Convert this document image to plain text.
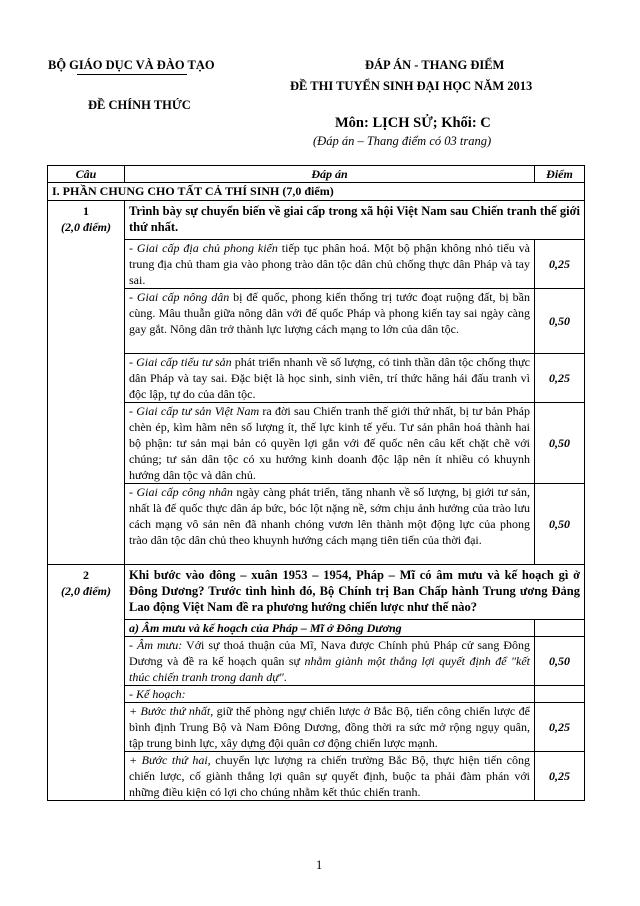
BỘ GIÁO DỤC VÀ ĐÀO TẠO
ĐỀ CHÍNH THỨC
ĐÁP ÁN - THANG ĐIỂM
ĐỀ THI TUYỂN SINH ĐẠI HỌC NĂM 2013
Môn: LỊCH SỬ; Khối: C
(Đáp án – Thang điểm có 03 trang)
Câu	Đáp án	Điểm
I. PHẦN CHUNG CHO TẤT CẢ THÍ SINH (7,0 điểm)		

1
(2,0 điểm)	Trình bày sự chuyển biến về giai cấp trong xã hội Việt Nam sau Chiến tranh thế giới thứ nhất.	
	- Giai cấp địa chủ phong kiến tiếp tục phân hoá. Một bộ phận không nhỏ tiểu và trung địa chủ tham gia vào phong trào dân tộc dân chủ chống thực dân Pháp và tay sai.	0,25
	- Giai cấp nông dân bị đế quốc, phong kiến thống trị tước đoạt ruộng đất, bị bần cùng. Mâu thuẫn giữa nông dân với đế quốc Pháp và phong kiến tay sai ngày càng gay gắt. Nông dân trở thành lực lượng cách mạng to lớn của dân tộc.	0,50
	- Giai cấp tiểu tư sản phát triển nhanh về số lượng, có tinh thần dân tộc chống thực dân Pháp và tay sai. Đặc biệt là học sinh, sinh viên, trí thức hăng hái đấu tranh vì độc lập, tự do của dân tộc.	0,25
	- Giai cấp tư sản Việt Nam ra đời sau Chiến tranh thế giới thứ nhất, bị tư bản Pháp chèn ép, kìm hãm nên số lượng ít, thế lực kinh tế yếu. Tư sản phân hoá thành hai bộ phận: tư sản mại bản có quyền lợi gắn với đế quốc nên câu kết chặt chẽ với chúng; tư sản dân tộc có xu hướng kinh doanh độc lập nên ít nhiều có khuynh hướng dân tộc và dân chủ.	0,50
	- Giai cấp công nhân ngày càng phát triển, tăng nhanh về số lượng, bị giới tư sản, nhất là đế quốc thực dân áp bức, bóc lột nặng nề, sớm chịu ảnh hưởng của trào lưu cách mạng vô sản nên đã nhanh chóng vươn lên thành một động lực của phong trào dân tộc dân chủ theo khuynh hướng cách mạng tiên tiến của thời đại.	0,50

2
(2,0 điểm)	Khi bước vào đông – xuân 1953 – 1954, Pháp – Mĩ có âm mưu và kế hoạch gì ở Đông Dương? Trước tình hình đó, Bộ Chính trị Ban Chấp hành Trung ương Đảng Lao động Việt Nam đề ra phương hướng chiến lược như thế nào?	
	a) Âm mưu và kế hoạch của Pháp – Mĩ ở Đông Dương	
	- Âm mưu: Với sự thoả thuận của Mĩ, Nava được Chính phủ Pháp cử sang Đông Dương và đề ra kế hoạch quân sự nhằm giành một thắng lợi quyết định để "kết thúc chiến tranh trong danh dự".	0,50
	- Kế hoạch:	
	+ Bước thứ nhất, giữ thế phòng ngự chiến lược ở Bắc Bộ, tiến công chiến lược để bình định Trung Bộ và Nam Đông Dương, đồng thời ra sức mở rộng ngụy quân, tập trung binh lực, xây dựng đội quân cơ động chiến lược mạnh.	0,25
	+ Bước thứ hai, chuyển lực lượng ra chiến trường Bắc Bộ, thực hiện tiến công chiến lược, cố giành thắng lợi quân sự quyết định, buộc ta phải đàm phán với những điều kiện có lợi cho chúng nhằm kết thúc chiến tranh.	0,25
1
